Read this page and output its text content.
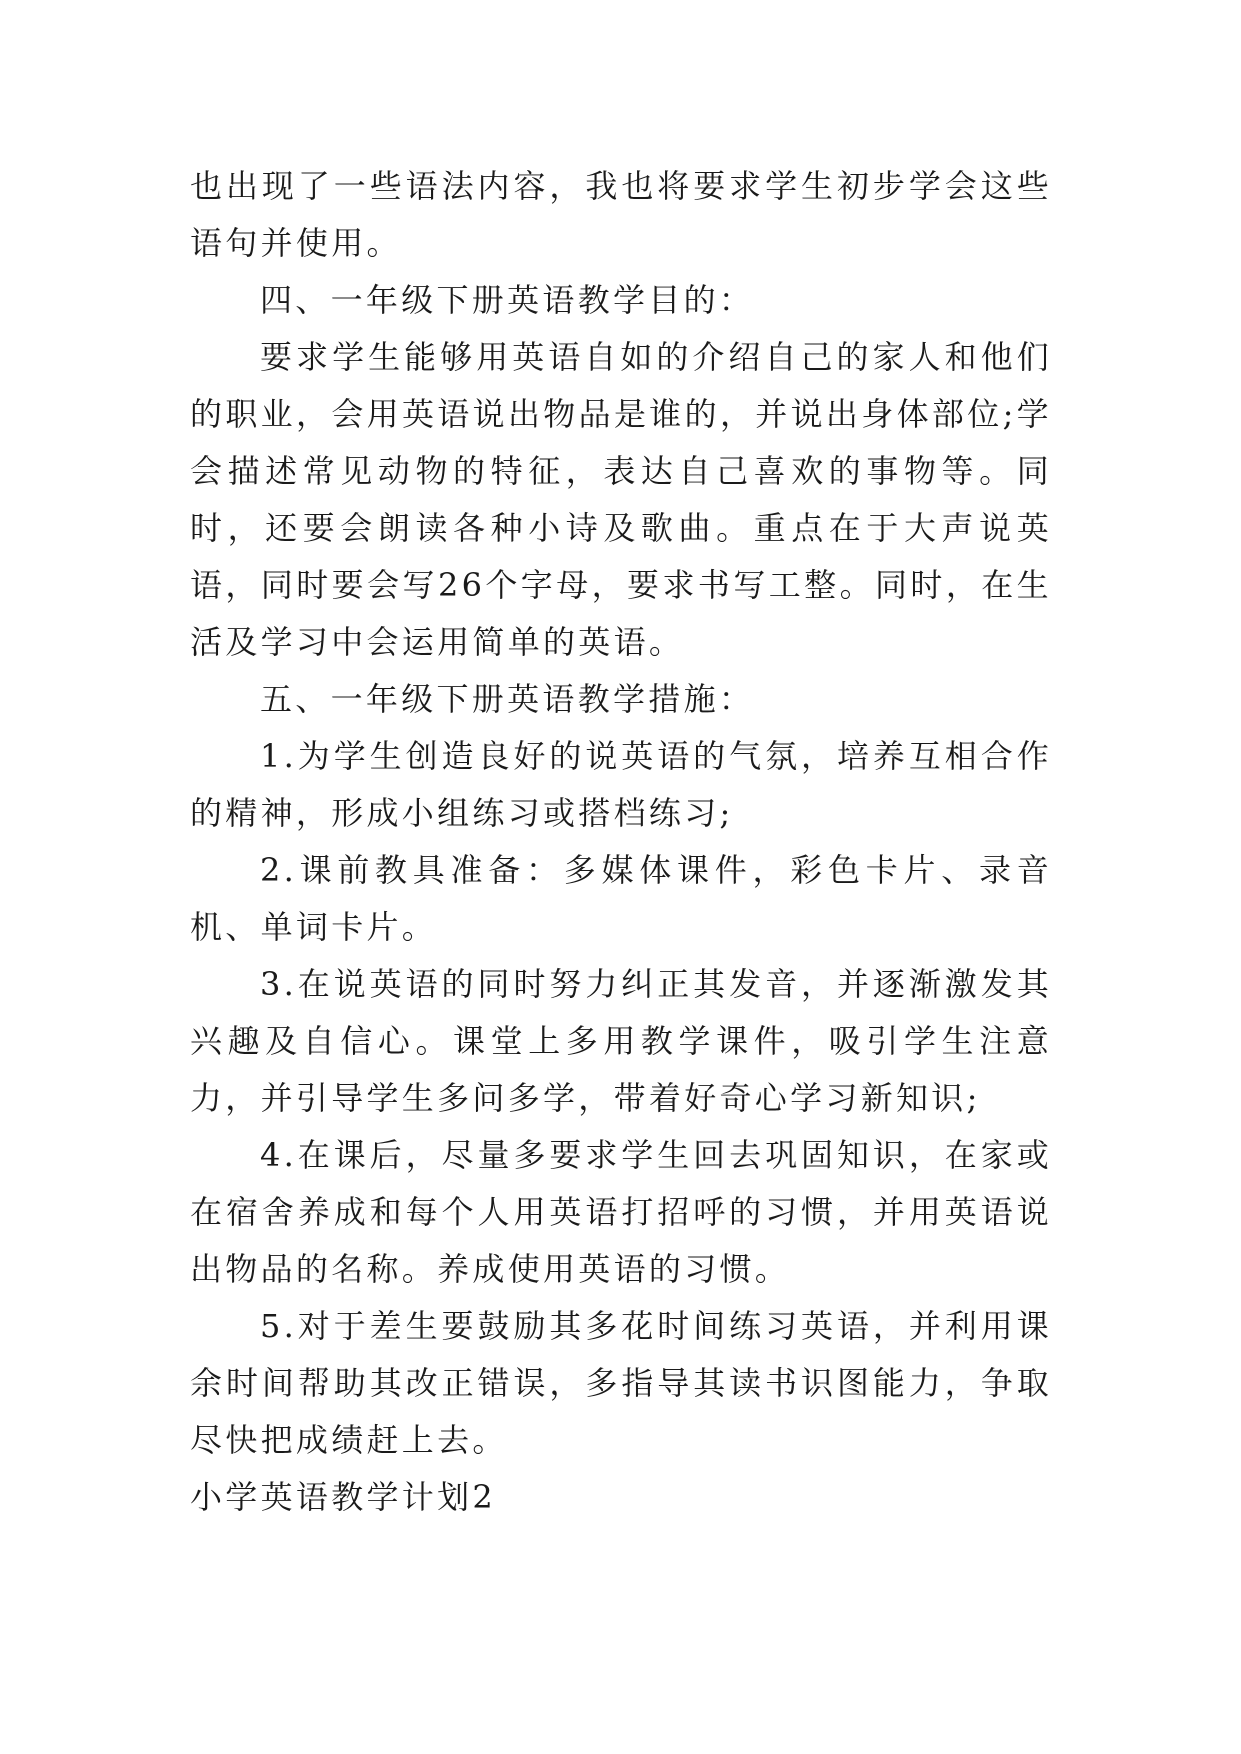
也出现了一些语法内容，我也将要求学生初步学会这些语句并使用。

四、一年级下册英语教学目的：

要求学生能够用英语自如的介绍自己的家人和他们的职业，会用英语说出物品是谁的，并说出身体部位;学会描述常见动物的特征，表达自己喜欢的事物等。同时，还要会朗读各种小诗及歌曲。重点在于大声说英语，同时要会写26个字母，要求书写工整。同时，在生活及学习中会运用简单的英语。

五、一年级下册英语教学措施：

1.为学生创造良好的说英语的气氛，培养互相合作的精神，形成小组练习或搭档练习;

2.课前教具准备：多媒体课件，彩色卡片、录音机、单词卡片。

3.在说英语的同时努力纠正其发音，并逐渐激发其兴趣及自信心。课堂上多用教学课件，吸引学生注意力，并引导学生多问多学，带着好奇心学习新知识;

4.在课后，尽量多要求学生回去巩固知识，在家或在宿舍养成和每个人用英语打招呼的习惯，并用英语说出物品的名称。养成使用英语的习惯。

5.对于差生要鼓励其多花时间练习英语，并利用课余时间帮助其改正错误，多指导其读书识图能力，争取尽快把成绩赶上去。

小学英语教学计划2
